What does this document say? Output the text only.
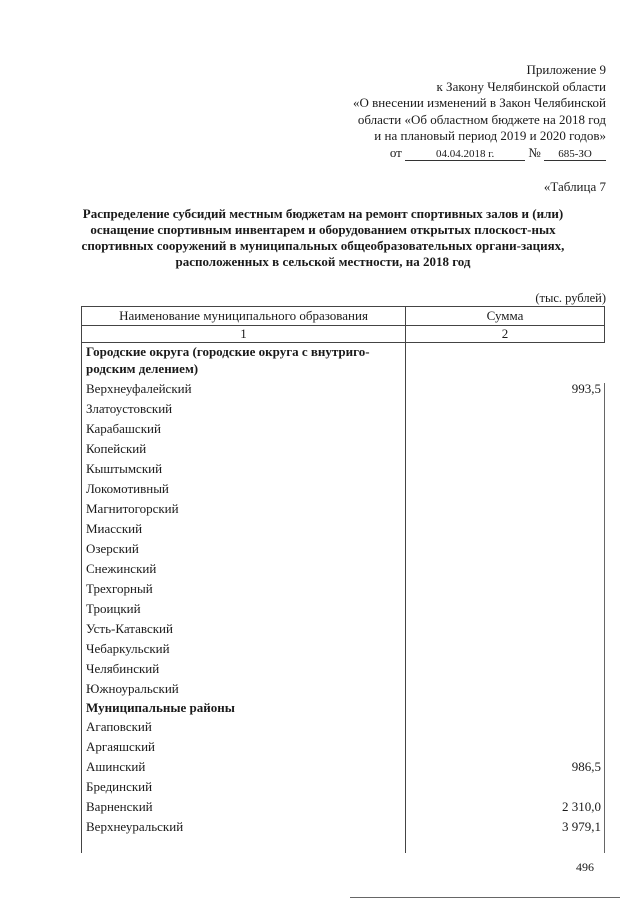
Приложение 9
к Закону Челябинской области
«О внесении изменений в Закон Челябинской
области «Об областном бюджете на 2018 год
и на плановый период 2019 и 2020 годов»
от	04.04.2018 г.	№ 685-ЗО
«Таблица 7
Распределение субсидий местным бюджетам на ремонт спортивных залов и (или) оснащение спортивным инвентарем и оборудованием открытых плоскост-ных спортивных сооружений в муниципальных общеобразовательных органи-зациях, расположенных в сельской местности, на 2018 год
(тыс. рублей)
Наименование муниципального образования	Сумма
1	2
Городские округа (городские округа с внутриго-родским делением)
Верхнеуфалейский	993,5
Златоустовский
Карабашский
Копейский
Кыштымский
Локомотивный
Магнитогорский
Миасский
Озерский
Снежинский
Трехгорный
Троицкий
Усть-Катавский
Чебаркульский
Челябинский
Южноуральский
Муниципальные районы
Агаповский
Аргаяшский
Ашинский	986,5
Брединский
Варненский	2 310,0
Верхнеуральский	3 979,1
496
